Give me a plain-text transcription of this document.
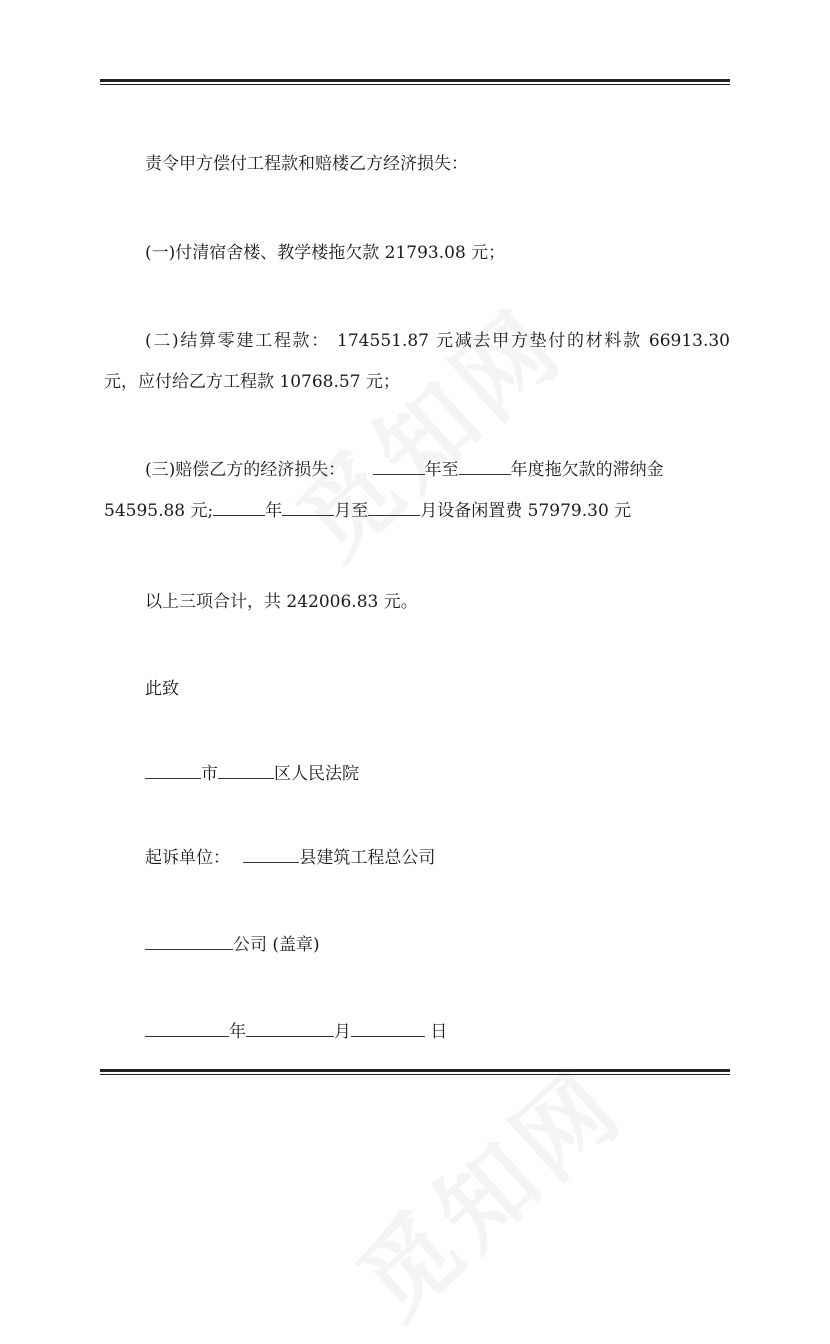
责令甲方偿付工程款和赔楼乙方经济损失：
(一)付清宿舍楼、教学楼拖欠款 21793.08 元；
(二)结算零建工程款： 174551.87 元减去甲方垫付的材料款 66913.30
元，应付给乙方工程款 10768.57 元；
(三)赔偿乙方的经济损失：	年至	年度拖欠款的滞纳金
54595.88 元;	年	月至	月设备闲置费 57979.30 元
以上三项合计，共 242006.83 元。
此致
市	区人民法院
起诉单位：	县建筑工程总公司
公司 (盖章)
年	月	日
